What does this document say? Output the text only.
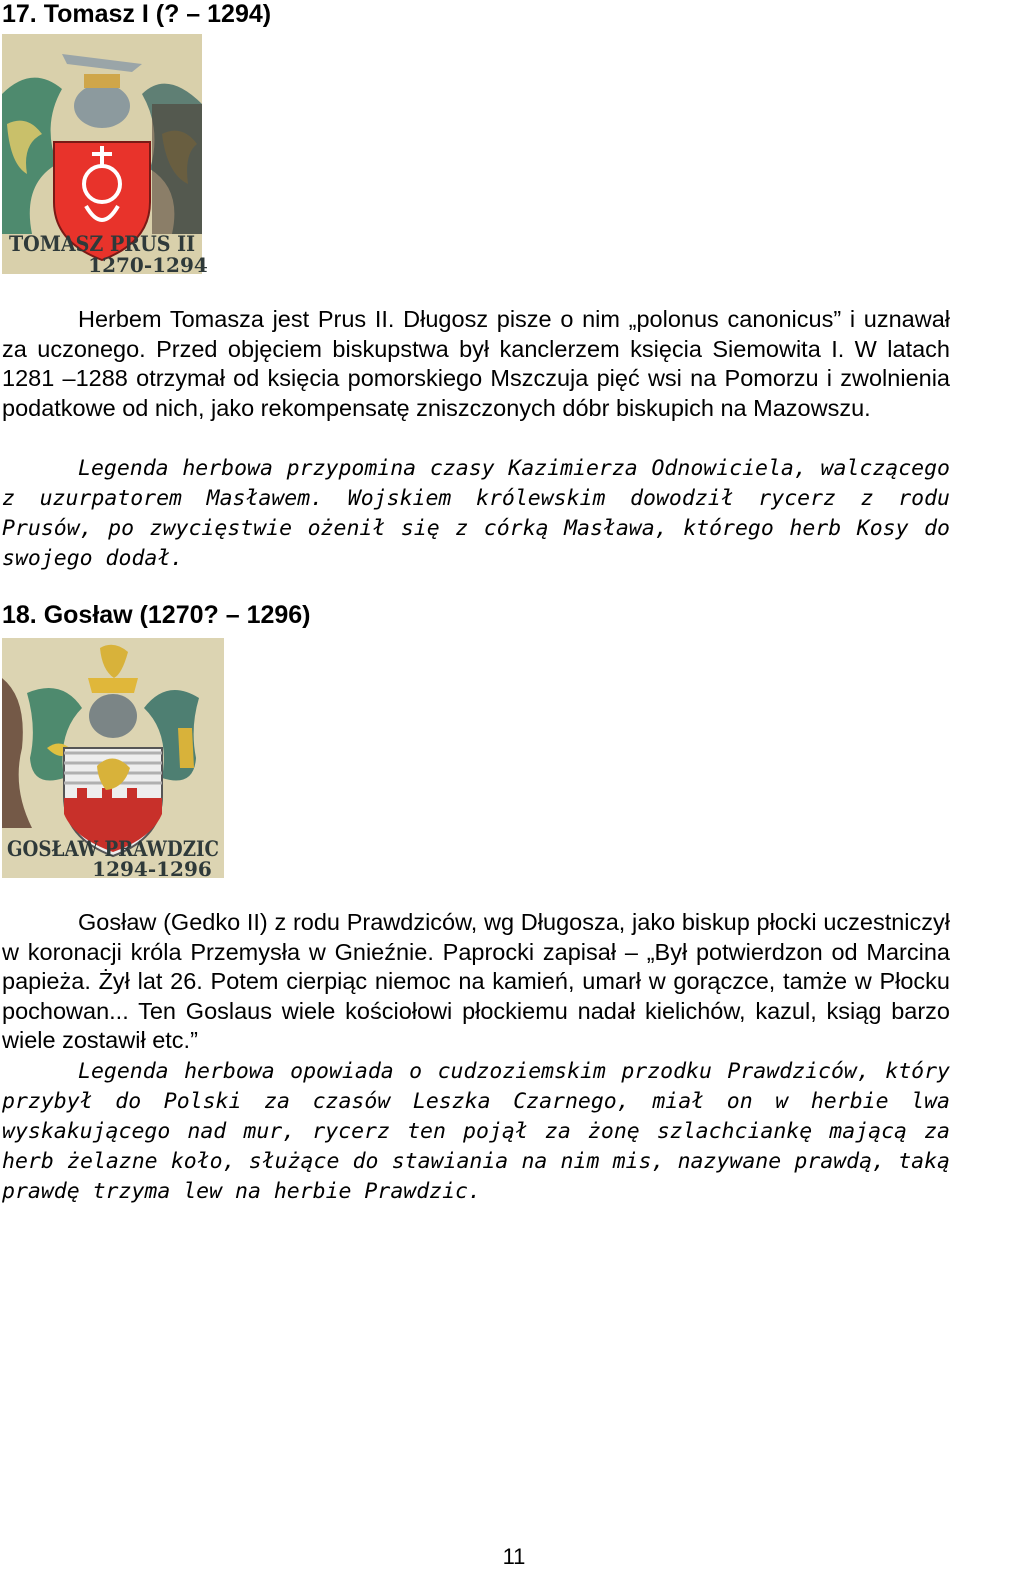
17. Tomasz I (? – 1294)
TOMASZ PRUS II
1270-1294

Herbem Tomasza jest Prus II. Długosz pisze o nim „polonus canonicus” i uznawał za uczonego. Przed objęciem biskupstwa był kanclerzem księcia Siemowita I. W latach 1281 –1288 otrzymał od księcia pomorskiego Mszczuja pięć wsi na Pomorzu i zwolnienia podatkowe od nich, jako rekompensatę zniszczonych dóbr biskupich na Mazowszu.

Legenda herbowa przypomina czasy Kazimierza Odnowiciela, walczącego z uzurpatorem Masławem. Wojskiem królewskim dowodził rycerz z rodu Prusów, po zwycięstwie ożenił się z córką Masława, którego herb Kosy do swojego dodał.

18. Gosław (1270? – 1296)
GOSŁAW PRAWDZIC
1294-1296

Gosław (Gedko II) z rodu Prawdziców, wg Długosza, jako biskup płocki uczestniczył w koronacji króla Przemysła w Gnieźnie. Paprocki zapisał – „Był potwierdzon od Marcina papieża. Żył lat 26. Potem cierpiąc niemoc na kamień, umarł w gorączce, tamże w Płocku pochowan... Ten Goslaus wiele kościołowi płockiemu nadał kielichów, kazul, ksiąg barzo wiele zostawił etc.”

Legenda herbowa opowiada o cudzoziemskim przodku Prawdziców, który przybył do Polski za czasów Leszka Czarnego, miał on w herbie lwa wyskakującego nad mur, rycerz ten pojął za żonę szlachciankę mającą za herb żelazne koło, służące do stawiania na nim mis, nazywane prawdą, taką prawdę trzyma lew na herbie Prawdzic.

11
